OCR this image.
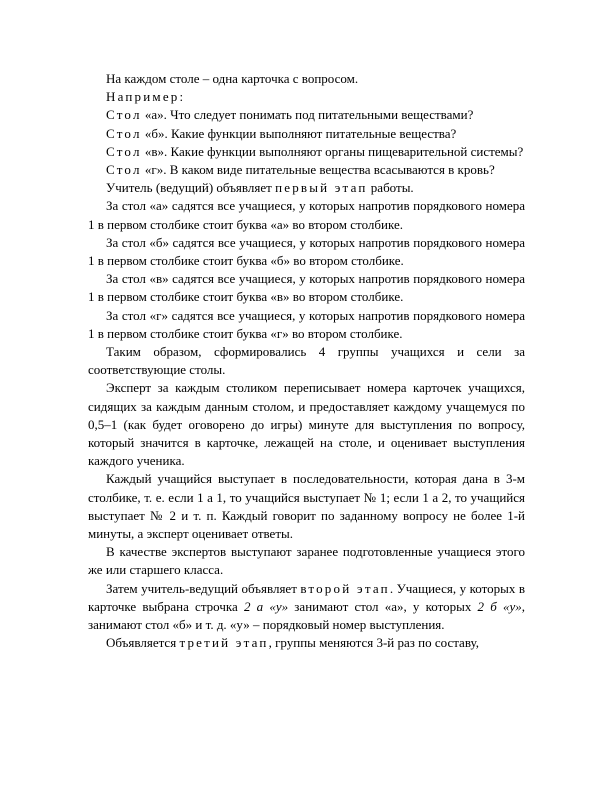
На каждом столе – одна карточка с вопросом.

Например:

Стол «а». Что следует понимать под питательными веществами?

Стол «б». Какие функции выполняют питательные вещества?

Стол «в». Какие функции выполняют органы пищеварительной системы?

Стол «г». В каком виде питательные вещества всасываются в кровь?

Учитель (ведущий) объявляет первый этап работы.

За стол «а» садятся все учащиеся, у которых напротив порядкового номера 1 в первом столбике стоит буква «а» во втором столбике.

За стол «б» садятся все учащиеся, у которых напротив порядкового номера 1 в первом столбике стоит буква «б» во втором столбике.

За стол «в» садятся все учащиеся, у которых напротив порядкового номера 1 в первом столбике стоит буква «в» во втором столбике.

За стол «г» садятся все учащиеся, у которых напротив порядкового номера 1 в первом столбике стоит буква «г» во втором столбике.

Таким образом, сформировались 4 группы учащихся и сели за соответствующие столы.

Эксперт за каждым столиком переписывает номера карточек учащихся, сидящих за каждым данным столом, и предоставляет каждому учащемуся по 0,5–1 (как будет оговорено до игры) минуте для выступления по вопросу, который значится в карточке, лежащей на столе, и оценивает выступления каждого ученика.

Каждый учащийся выступает в последовательности, которая дана в 3-м столбике, т. е. если 1 а 1, то учащийся выступает № 1; если 1 а 2, то учащийся выступает № 2 и т. п. Каждый говорит по заданному вопросу не более 1-й минуты, а эксперт оценивает ответы.

В качестве экспертов выступают заранее подготовленные учащиеся этого же или старшего класса.

Затем учитель-ведущий объявляет второй этап. Учащиеся, у которых в карточке выбрана строчка 2 а «у» занимают стол «а», у которых 2 б «у», занимают стол «б» и т. д. «у» – порядковый номер выступления.

Объявляется третий этап, группы меняются 3-й раз по составу,
